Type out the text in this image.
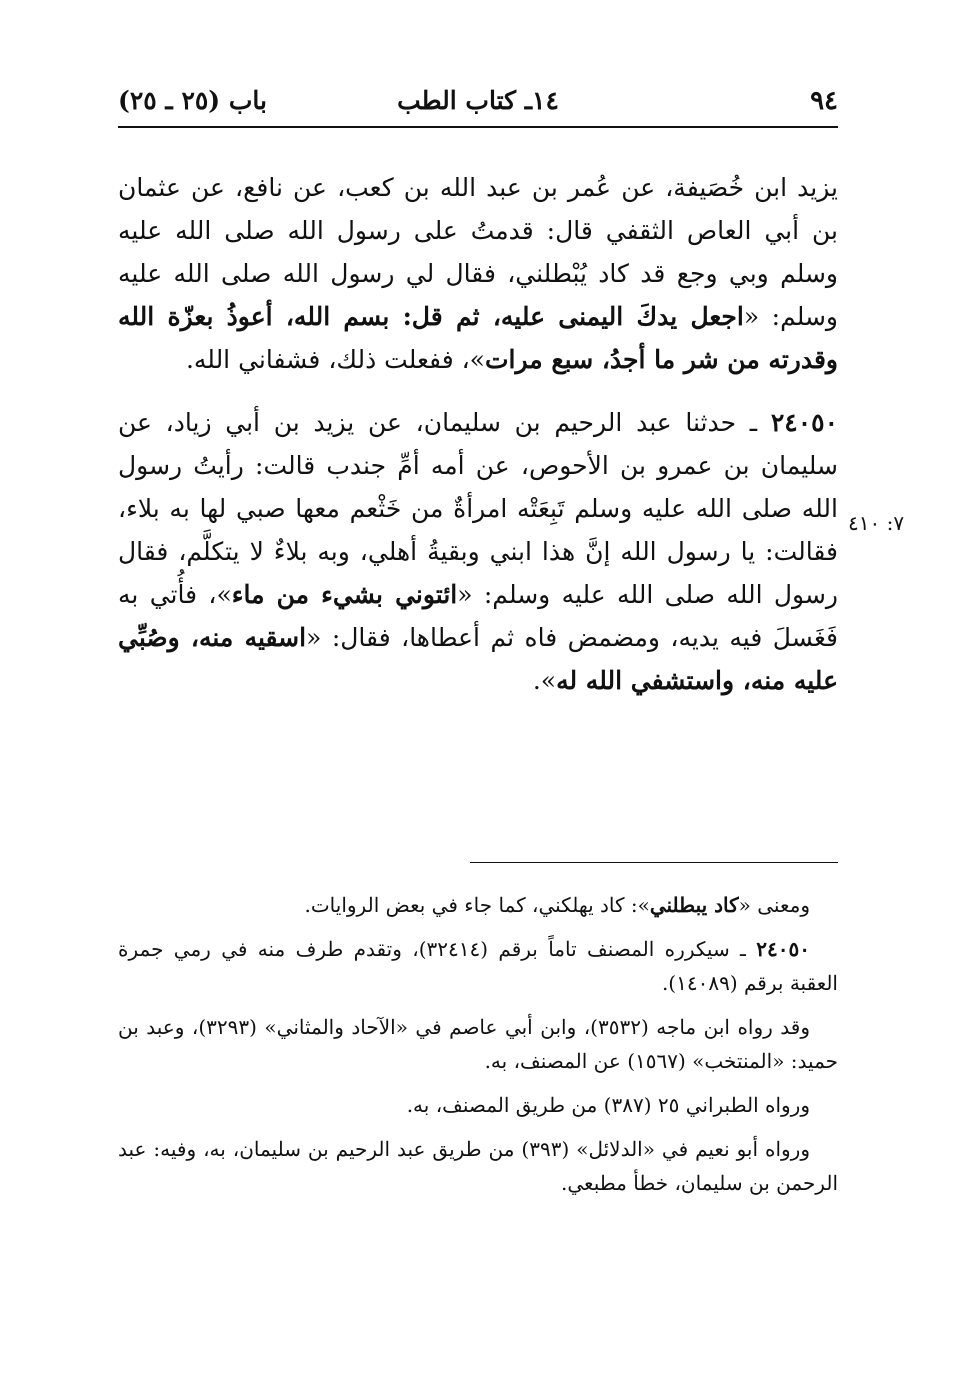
٩٤
١٤ـ كتاب الطب
باب (٢٥ ـ ٢٥)

يزيد ابن خُصَيفة، عن عُمر بن عبد الله بن كعب، عن نافع، عن عثمان بن أبي العاص الثقفي قال: قدمتُ على رسول الله صلى الله عليه وسلم وبي وجع قد كاد يُبْطلني، فقال لي رسول الله صلى الله عليه وسلم: «اجعل يدكَ اليمنى عليه، ثم قل: بسم الله، أعوذُ بعزّة الله وقدرته من شر ما أجدُ، سبع مرات»، ففعلت ذلك، فشفاني الله.

٢٤٠٥٠ ـ حدثنا عبد الرحيم بن سليمان، عن يزيد بن أبي زياد، عن سليمان بن عمرو بن الأحوص، عن أمه أمِّ جندب قالت: رأيتُ رسول الله صلى الله عليه وسلم تَبِعَتْه امرأةٌ من خَثْعم معها صبي لها به بلاء، فقالت: يا رسول الله إنَّ هذا ابني وبقيةُ أهلي، وبه بلاءٌ لا يتكلَّم، فقال رسول الله صلى الله عليه وسلم: «ائتوني بشيء من ماء»، فأُتي به فَغَسلَ فيه يديه، ومضمض فاه ثم أعطاها، فقال: «اسقيه منه، وصُبِّي عليه منه، واستشفي الله له».

٧: ٤١٠

ومعنى «كاد يبطلني»: كاد يهلكني، كما جاء في بعض الروايات.

٢٤٠٥٠ ـ سيكرره المصنف تاماً برقم (٣٢٤١٤)، وتقدم طرف منه في رمي جمرة العقبة برقم (١٤٠٨٩).

وقد رواه ابن ماجه (٣٥٣٢)، وابن أبي عاصم في «الآحاد والمثاني» (٣٢٩٣)، وعبد بن حميد: «المنتخب» (١٥٦٧) عن المصنف، به.

ورواه الطبراني ٢٥ (٣٨٧) من طريق المصنف، به.

ورواه أبو نعيم في «الدلائل» (٣٩٣) من طريق عبد الرحيم بن سليمان، به، وفيه: عبد الرحمن بن سليمان، خطأ مطبعي.
